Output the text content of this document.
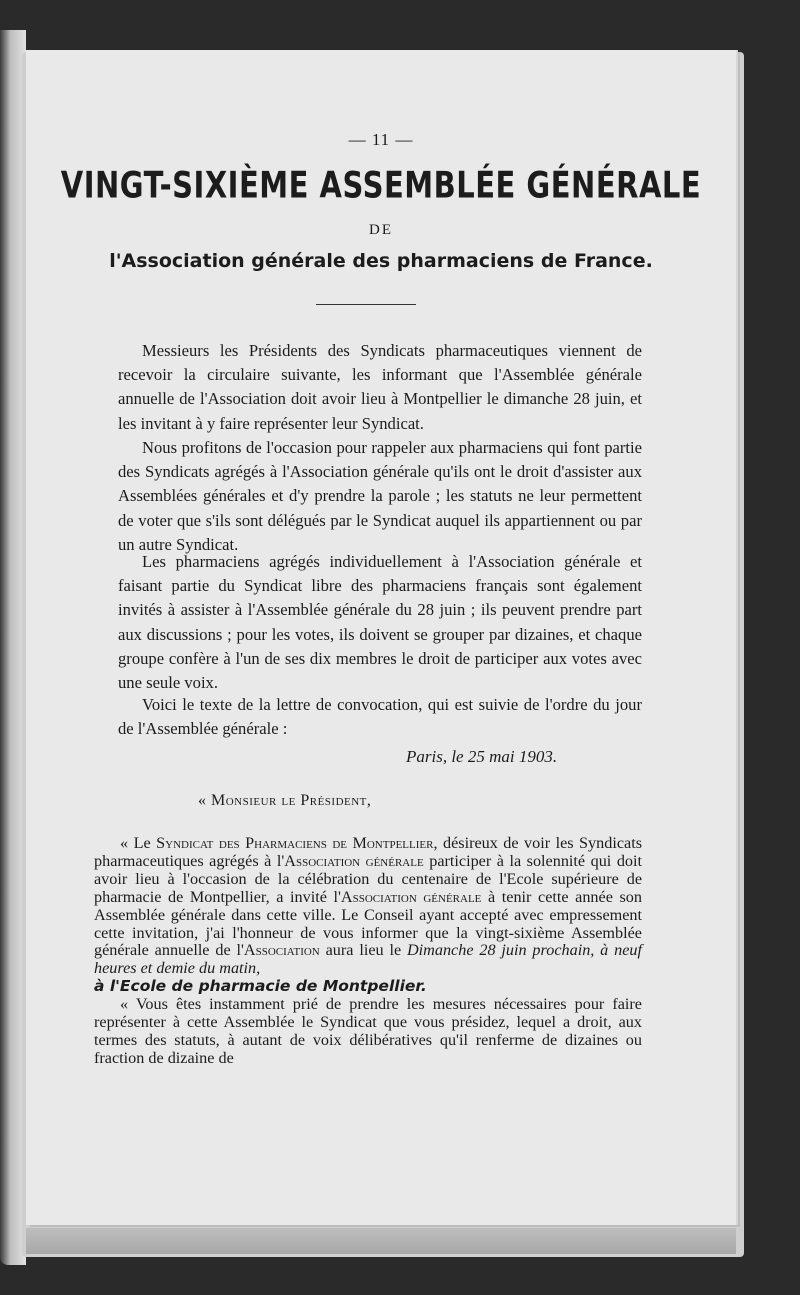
— 11 —
VINGT-SIXIÈME ASSEMBLÉE GÉNÉRALE
DE
l'Association générale des pharmaciens de France.

Messieurs les Présidents des Syndicats pharmaceutiques viennent de recevoir la circulaire suivante, les informant que l'Assemblée générale annuelle de l'Association doit avoir lieu à Montpellier le dimanche 28 juin, et les invitant à y faire représenter leur Syndicat.

Nous profitons de l'occasion pour rappeler aux pharmaciens qui font partie des Syndicats agrégés à l'Association générale qu'ils ont le droit d'assister aux Assemblées générales et d'y prendre la parole ; les statuts ne leur permettent de voter que s'ils sont délégués par le Syndicat auquel ils appartiennent ou par un autre Syndicat.

Les pharmaciens agrégés individuellement à l'Association générale et faisant partie du Syndicat libre des pharmaciens français sont également invités à assister à l'Assemblée générale du 28 juin ; ils peuvent prendre part aux discussions ; pour les votes, ils doivent se grouper par dizaines, et chaque groupe confère à l'un de ses dix membres le droit de participer aux votes avec une seule voix.

Voici le texte de la lettre de convocation, qui est suivie de l'ordre du jour de l'Assemblée générale :

Paris, le 25 mai 1903.
« Monsieur le Président,

« Le Syndicat des Pharmaciens de Montpellier, désireux de voir les Syndicats pharmaceutiques agrégés à l'Association générale participer à la solennité qui doit avoir lieu à l'occasion de la célébration du centenaire de l'Ecole supérieure de pharmacie de Montpellier, a invité l'Association générale à tenir cette année son Assemblée générale dans cette ville. Le Conseil ayant accepté avec empressement cette invitation, j'ai l'honneur de vous informer que la vingt-sixième Assemblée générale annuelle de l'Association aura lieu le Dimanche 28 juin prochain, à neuf heures et demie du matin,
à l'Ecole de pharmacie de Montpellier.

« Vous êtes instamment prié de prendre les mesures nécessaires pour faire représenter à cette Assemblée le Syndicat que vous présidez, lequel a droit, aux termes des statuts, à autant de voix délibératives qu'il renferme de dizaines ou fraction de dizaine de
